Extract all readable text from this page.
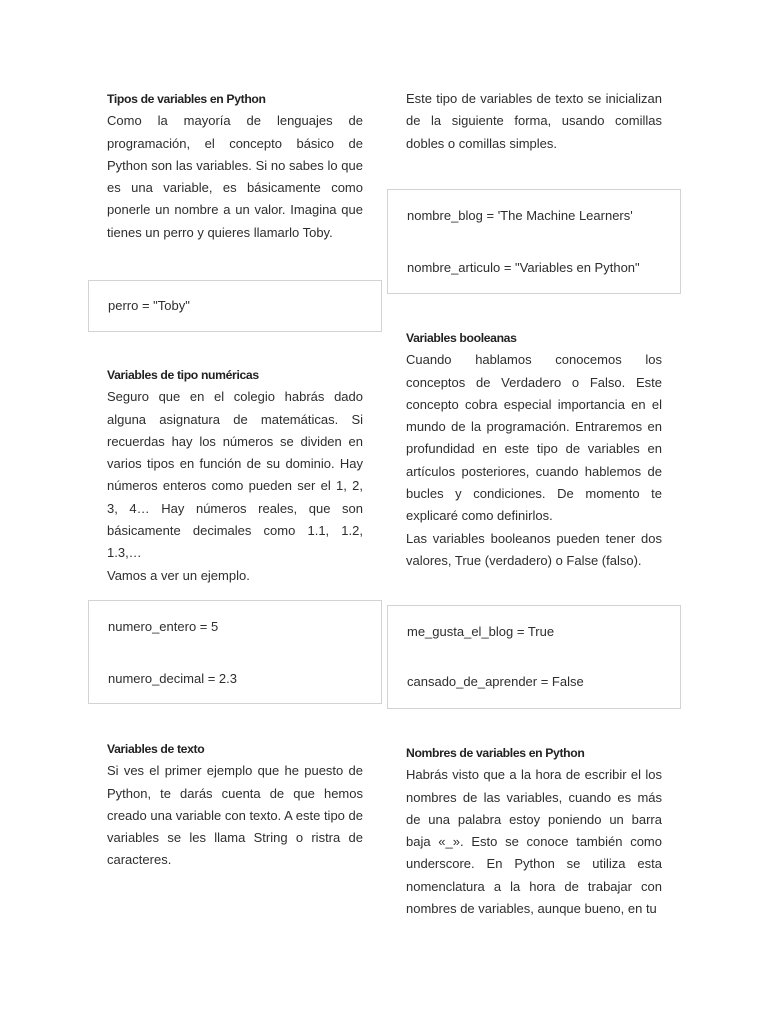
Tipos de variables en Python

Como la mayoría de lenguajes de programación, el concepto básico de Python son las variables. Si no sabes lo que es una variable, es básicamente como ponerle un nombre a un valor. Imagina que tienes un perro y quieres llamarlo Toby.

perro = "Toby"

Variables de tipo numéricas

Seguro que en el colegio habrás dado alguna asignatura de matemáticas. Si recuerdas hay los números se dividen en varios tipos en función de su dominio. Hay números enteros como pueden ser el 1, 2, 3, 4… Hay números reales, que son básicamente decimales como 1.1, 1.2, 1.3,…

Vamos a ver un ejemplo.

numero_entero = 5
numero_decimal = 2.3

Variables de texto

Si ves el primer ejemplo que he puesto de Python, te darás cuenta de que hemos creado una variable con texto. A este tipo de variables se les llama String o ristra de caracteres.

Este tipo de variables de texto se inicializan de la siguiente forma, usando comillas dobles o comillas simples.

nombre_blog = 'The Machine Learners'
nombre_articulo = "Variables en Python"

Variables booleanas

Cuando hablamos conocemos los conceptos de Verdadero o Falso. Este concepto cobra especial importancia en el mundo de la programación. Entraremos en profundidad en este tipo de variables en artículos posteriores, cuando hablemos de bucles y condiciones. De momento te explicaré como definirlos.

Las variables booleanos pueden tener dos valores, True (verdadero) o False (falso).

me_gusta_el_blog = True
cansado_de_aprender = False

Nombres de variables en Python

Habrás visto que a la hora de escribir el los nombres de las variables, cuando es más de una palabra estoy poniendo un barra baja «_». Esto se conoce también como underscore. En Python se utiliza esta nomenclatura a la hora de trabajar con nombres de variables, aunque bueno, en tu
